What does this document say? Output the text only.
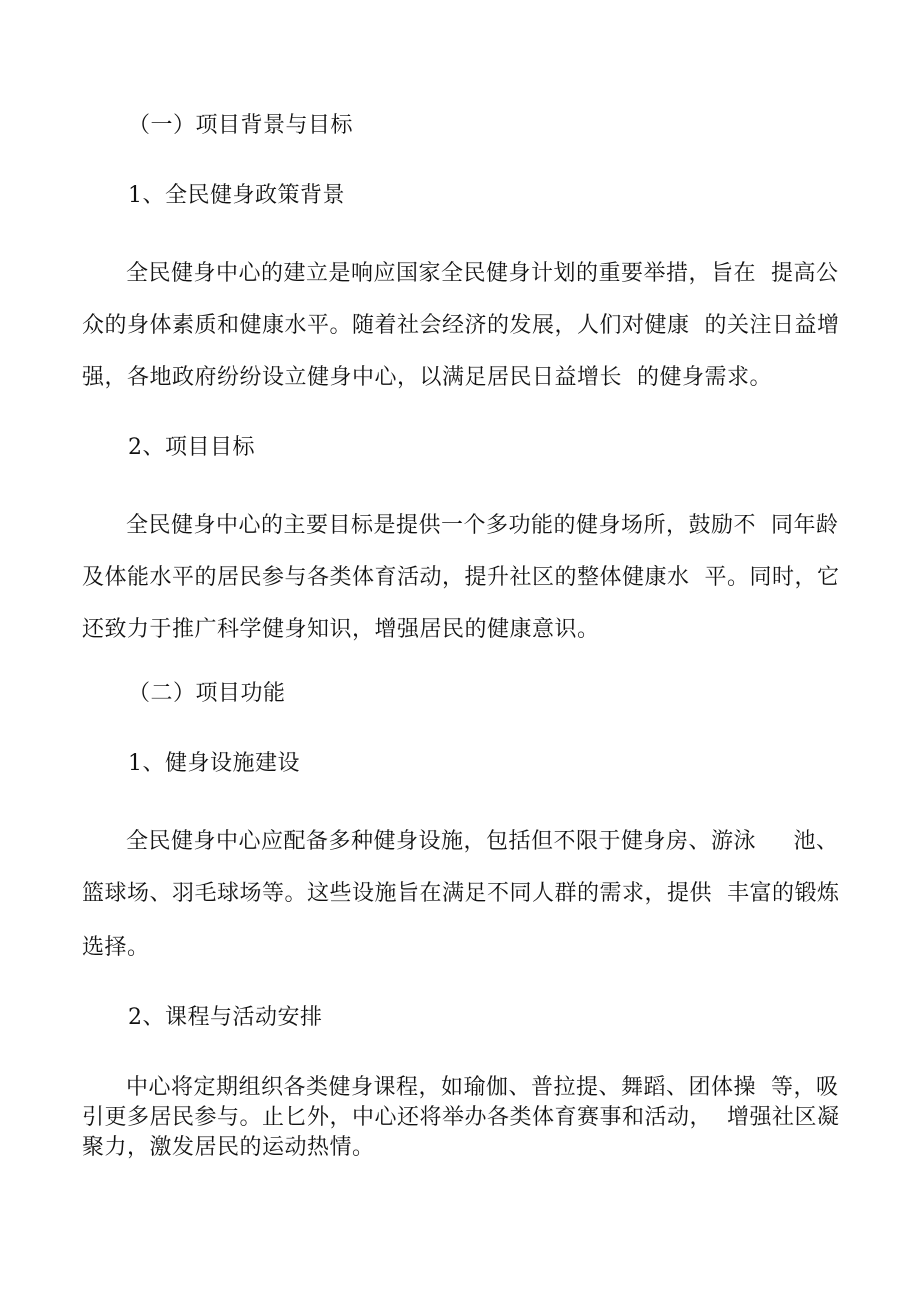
（一）项目背景与目标
1、全民健身政策背景
全民健身中心的建立是响应国家全民健身计划的重要举措，旨在  提高公
众的身体素质和健康水平。随着社会经济的发展，人们对健康  的关注日益增
强，各地政府纷纷设立健身中心，以满足居民日益增长  的健身需求。
2、项目目标
全民健身中心的主要目标是提供一个多功能的健身场所，鼓励不  同年龄
及体能水平的居民参与各类体育活动，提升社区的整体健康水  平。同时，它
还致力于推广科学健身知识，增强居民的健康意识。
（二）项目功能
1、健身设施建设
全民健身中心应配备多种健身设施，包括但不限于健身房、游泳     池、
篮球场、羽毛球场等。这些设施旨在满足不同人群的需求，提供  丰富的锻炼
选择。
2、课程与活动安排
中心将定期组织各类健身课程，如瑜伽、普拉提、舞蹈、团体操  等，吸
引更多居民参与。止匕外，中心还将举办各类体育赛事和活动，  增强社区凝
聚力，激发居民的运动热情。
